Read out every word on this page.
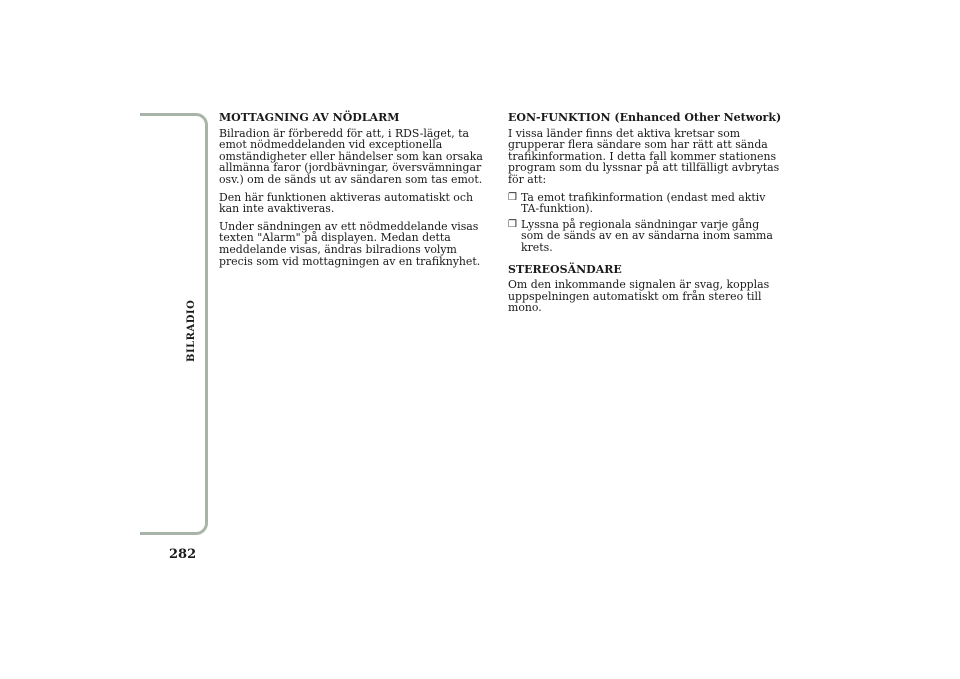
BILRADIO
282
MOTTAGNING AV NÖDLARM

Bilradion är förberedd för att, i RDS-läget, ta emot nödmeddelanden vid exceptionella omständigheter eller händelser som kan orsaka allmänna faror (jordbävningar, översvämningar osv.) om de sänds ut av sändaren som tas emot.

Den här funktionen aktiveras automatiskt och kan inte avaktiveras.

Under sändningen av ett nödmeddelande visas texten "Alarm" på displayen. Medan detta meddelande visas, ändras bilradions volym precis som vid mottagningen av en trafiknyhet.

EON-FUNKTION (Enhanced Other Network)

I vissa länder finns det aktiva kretsar som grupperar flera sändare som har rätt att sända trafikinformation. I detta fall kommer stationens program som du lyssnar på att tillfälligt avbrytas för att:

❒ Ta emot trafikinformation (endast med aktiv TA-funktion).
❒ Lyssna på regionala sändningar varje gång som de sänds av en av sändarna inom samma krets.
STEREOSÄNDARE

Om den inkommande signalen är svag, kopplas uppspelningen automatiskt om från stereo till mono.
